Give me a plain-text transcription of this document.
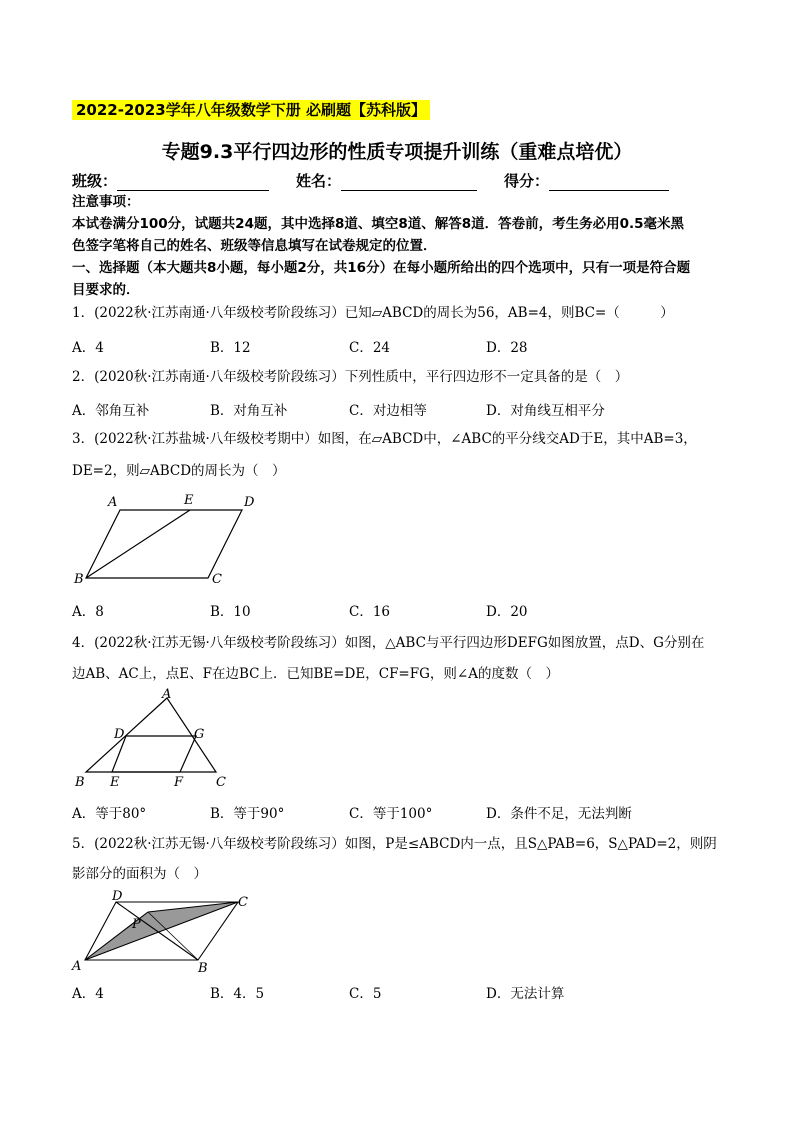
2022-2023学年八年级数学下册 必刷题【苏科版】
专题9.3平行四边形的性质专项提升训练（重难点培优）
班级：	姓名：	得分：
注意事项：
本试卷满分100分，试题共24题，其中选择8道、填空8道、解答8道．答卷前，考生务必用0.5毫米黑
色签字笔将自己的姓名、班级等信息填写在试卷规定的位置．
一、选择题（本大题共8小题，每小题2分，共16分）在每小题所给出的四个选项中，只有一项是符合题
目要求的．
1．(2022秋·江苏南通·八年级校考阶段练习）已知▱ABCD的周长为56，AB=4，则BC=（　　　）
A．4	B．12	C．24	D．28
2．(2020秋·江苏南通·八年级校考阶段练习）下列性质中，平行四边形不一定具备的是（　）
A．邻角互补	B．对角互补	C．对边相等	D．对角线互相平分
3．(2022秋·江苏盐城·八年级校考期中）如图，在▱ABCD中，∠ABC的平分线交AD于E，其中AB=3，
DE=2，则▱ABCD的周长为（　）
A	E	D
B	C
A．8	B．10	C．16	D．20
4．(2022秋·江苏无锡·八年级校考阶段练习）如图，△ABC与平行四边形DEFG如图放置，点D、G分别在
边AB、AC上，点E、F在边BC上．已知BE=DE，CF=FG，则∠A的度数（　）
A
D	G
B E	F	C
A．等于80°	B．等于90°	C．等于100°	D．条件不足，无法判断
5．(2022秋·江苏无锡·八年级校考阶段练习）如图，P是≤ABCD内一点，且S△PAB=6，S△PAD=2，则阴
影部分的面积为（　）
D	C
P
A	B
A．4	B．4．5	C．5	D．无法计算
